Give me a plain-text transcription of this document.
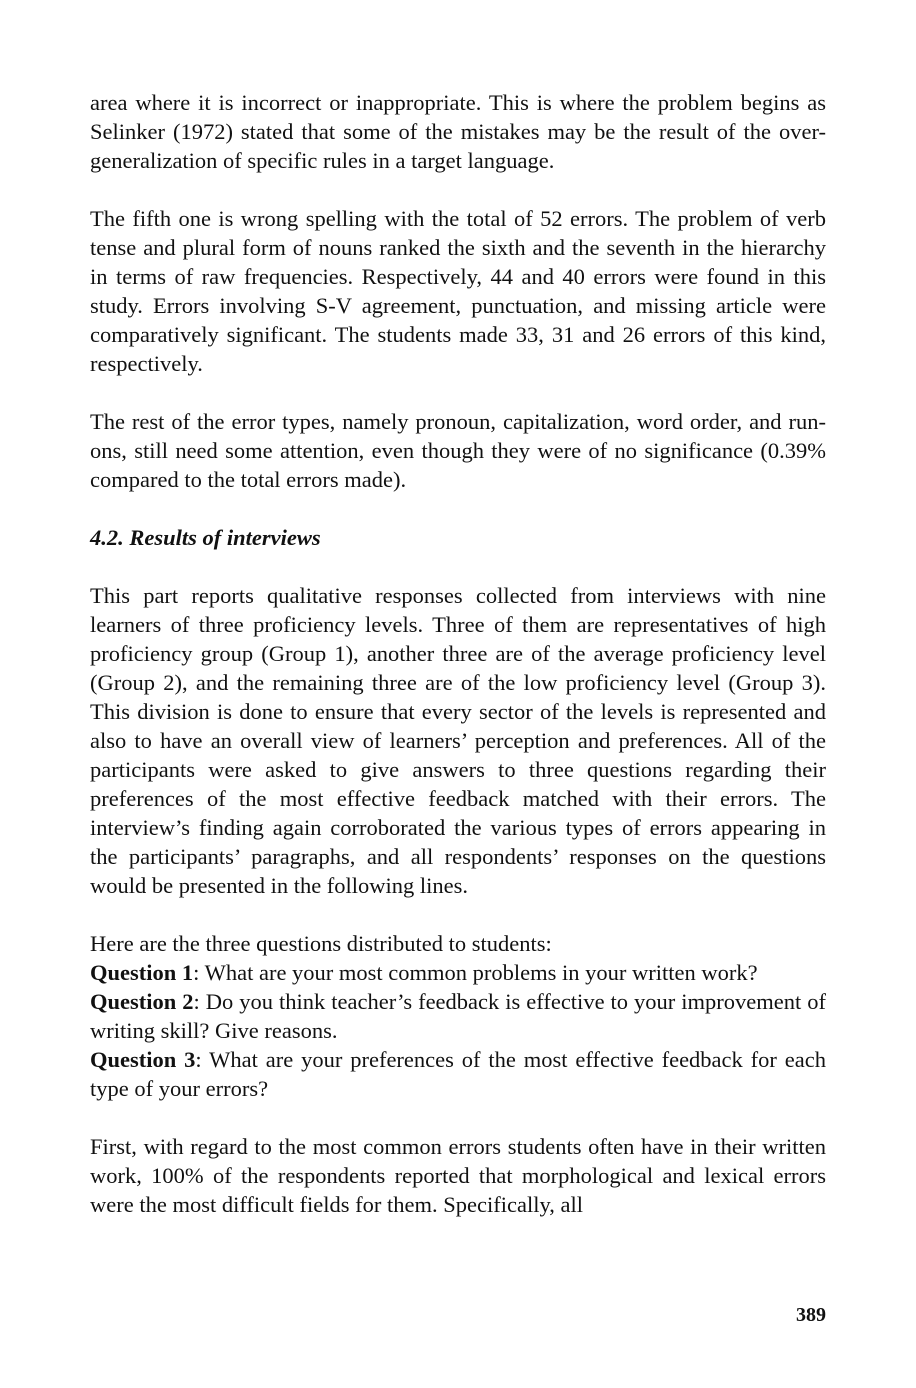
area where it is incorrect or inappropriate. This is where the problem begins as Selinker (1972) stated that some of the mistakes may be the result of the over-generalization of specific rules in a target language.

The fifth one is wrong spelling with the total of 52 errors. The problem of verb tense and plural form of nouns ranked the sixth and the seventh in the hierarchy in terms of raw frequencies. Respectively, 44 and 40 errors were found in this study. Errors involving S-V agreement, punctuation, and missing article were comparatively significant. The students made 33, 31 and 26 errors of this kind, respectively.

The rest of the error types, namely pronoun, capitalization, word order, and run-ons, still need some attention, even though they were of no significance (0.39% compared to the total errors made).

4.2. Results of interviews

This part reports qualitative responses collected from interviews with nine learners of three proficiency levels. Three of them are representatives of high proficiency group (Group 1), another three are of the average proficiency level (Group 2), and the remaining three are of the low proficiency level (Group 3). This division is done to ensure that every sector of the levels is represented and also to have an overall view of learners’ perception and preferences. All of the participants were asked to give answers to three questions regarding their preferences of the most effective feedback matched with their errors. The interview’s finding again corroborated the various types of errors appearing in the participants’ paragraphs, and all respondents’ responses on the questions would be presented in the following lines.

Here are the three questions distributed to students:

Question 1: What are your most common problems in your written work?

Question 2: Do you think teacher’s feedback is effective to your improvement of writing skill? Give reasons.

Question 3: What are your preferences of the most effective feedback for each type of your errors?

First, with regard to the most common errors students often have in their written work, 100% of the respondents reported that morphological and lexical errors were the most difficult fields for them. Specifically, all

389
